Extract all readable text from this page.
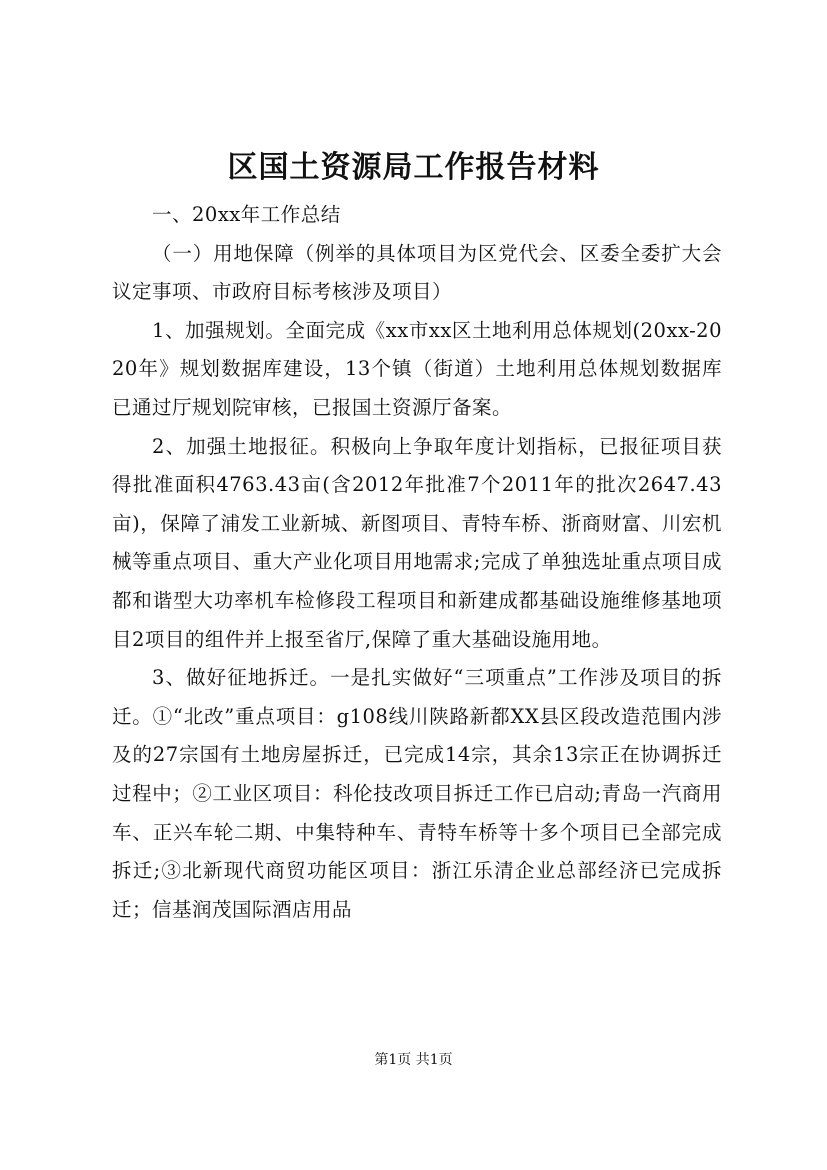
区国土资源局工作报告材料

一、20xx年工作总结

（一）用地保障（例举的具体项目为区党代会、区委全委扩大会议定事项、市政府目标考核涉及项目）

1、加强规划。全面完成《xx市xx区土地利用总体规划(20xx-2020年》规划数据库建设，13个镇（街道）土地利用总体规划数据库已通过厅规划院审核，已报国土资源厅备案。

2、加强土地报征。积极向上争取年度计划指标，已报征项目获得批准面积4763.43亩(含2012年批准7个2011年的批次2647.43亩)，保障了浦发工业新城、新图项目、青特车桥、浙商财富、川宏机械等重点项目、重大产业化项目用地需求;完成了单独选址重点项目成都和谐型大功率机车检修段工程项目和新建成都基础设施维修基地项目2项目的组件并上报至省厅,保障了重大基础设施用地。

3、做好征地拆迁。一是扎实做好“三项重点”工作涉及项目的拆迁。①“北改”重点项目：g108线川陕路新都XX县区段改造范围内涉及的27宗国有土地房屋拆迁，已完成14宗，其余13宗正在协调拆迁过程中；②工业区项目：科伦技改项目拆迁工作已启动;青岛一汽商用车、正兴车轮二期、中集特种车、青特车桥等十多个项目已全部完成拆迁;③北新现代商贸功能区项目：浙江乐清企业总部经济已完成拆迁；信基润茂国际酒店用品

第1页 共1页
